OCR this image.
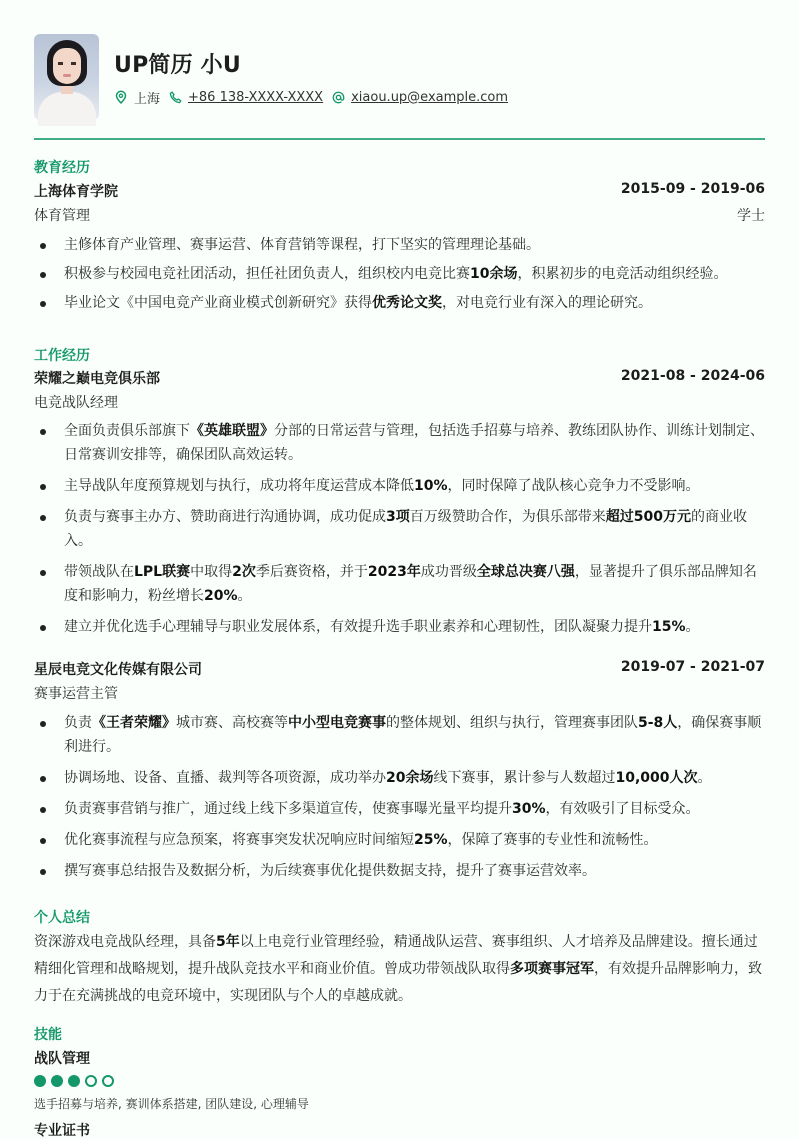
UP简历 小U
上海 +86 138-XXXX-XXXX xiaou.up@example.com
教育经历
上海体育学院	2015-09 - 2019-06
体育管理	学士
主修体育产业管理、赛事运营、体育营销等课程，打下坚实的管理理论基础。
积极参与校园电竞社团活动，担任社团负责人，组织校内电竞比赛10余场，积累初步的电竞活动组织经验。
毕业论文《中国电竞产业商业模式创新研究》获得优秀论文奖，对电竞行业有深入的理论研究。
工作经历
荣耀之巅电竞俱乐部	2021-08 - 2024-06
电竞战队经理
全面负责俱乐部旗下《英雄联盟》分部的日常运营与管理，包括选手招募与培养、教练团队协作、训练计划制定、日常赛训安排等，确保团队高效运转。
主导战队年度预算规划与执行，成功将年度运营成本降低10%，同时保障了战队核心竞争力不受影响。
负责与赛事主办方、赞助商进行沟通协调，成功促成3项百万级赞助合作，为俱乐部带来超过500万元的商业收入。
带领战队在LPL联赛中取得2次季后赛资格，并于2023年成功晋级全球总决赛八强，显著提升了俱乐部品牌知名度和影响力，粉丝增长20%。
建立并优化选手心理辅导与职业发展体系，有效提升选手职业素养和心理韧性，团队凝聚力提升15%。
星辰电竞文化传媒有限公司	2019-07 - 2021-07
赛事运营主管
负责《王者荣耀》城市赛、高校赛等中小型电竞赛事的整体规划、组织与执行，管理赛事团队5-8人，确保赛事顺利进行。
协调场地、设备、直播、裁判等各项资源，成功举办20余场线下赛事，累计参与人数超过10,000人次。
负责赛事营销与推广，通过线上线下多渠道宣传，使赛事曝光量平均提升30%，有效吸引了目标受众。
优化赛事流程与应急预案，将赛事突发状况响应时间缩短25%，保障了赛事的专业性和流畅性。
撰写赛事总结报告及数据分析，为后续赛事优化提供数据支持，提升了赛事运营效率。
个人总结
资深游戏电竞战队经理，具备5年以上电竞行业管理经验，精通战队运营、赛事组织、人才培养及品牌建设。擅长通过精细化管理和战略规划，提升战队竞技水平和商业价值。曾成功带领战队取得多项赛事冠军，有效提升品牌影响力，致力于在充满挑战的电竞环境中，实现团队与个人的卓越成就。
技能
战队管理
选手招募与培养, 赛训体系搭建, 团队建设, 心理辅导
专业证书
